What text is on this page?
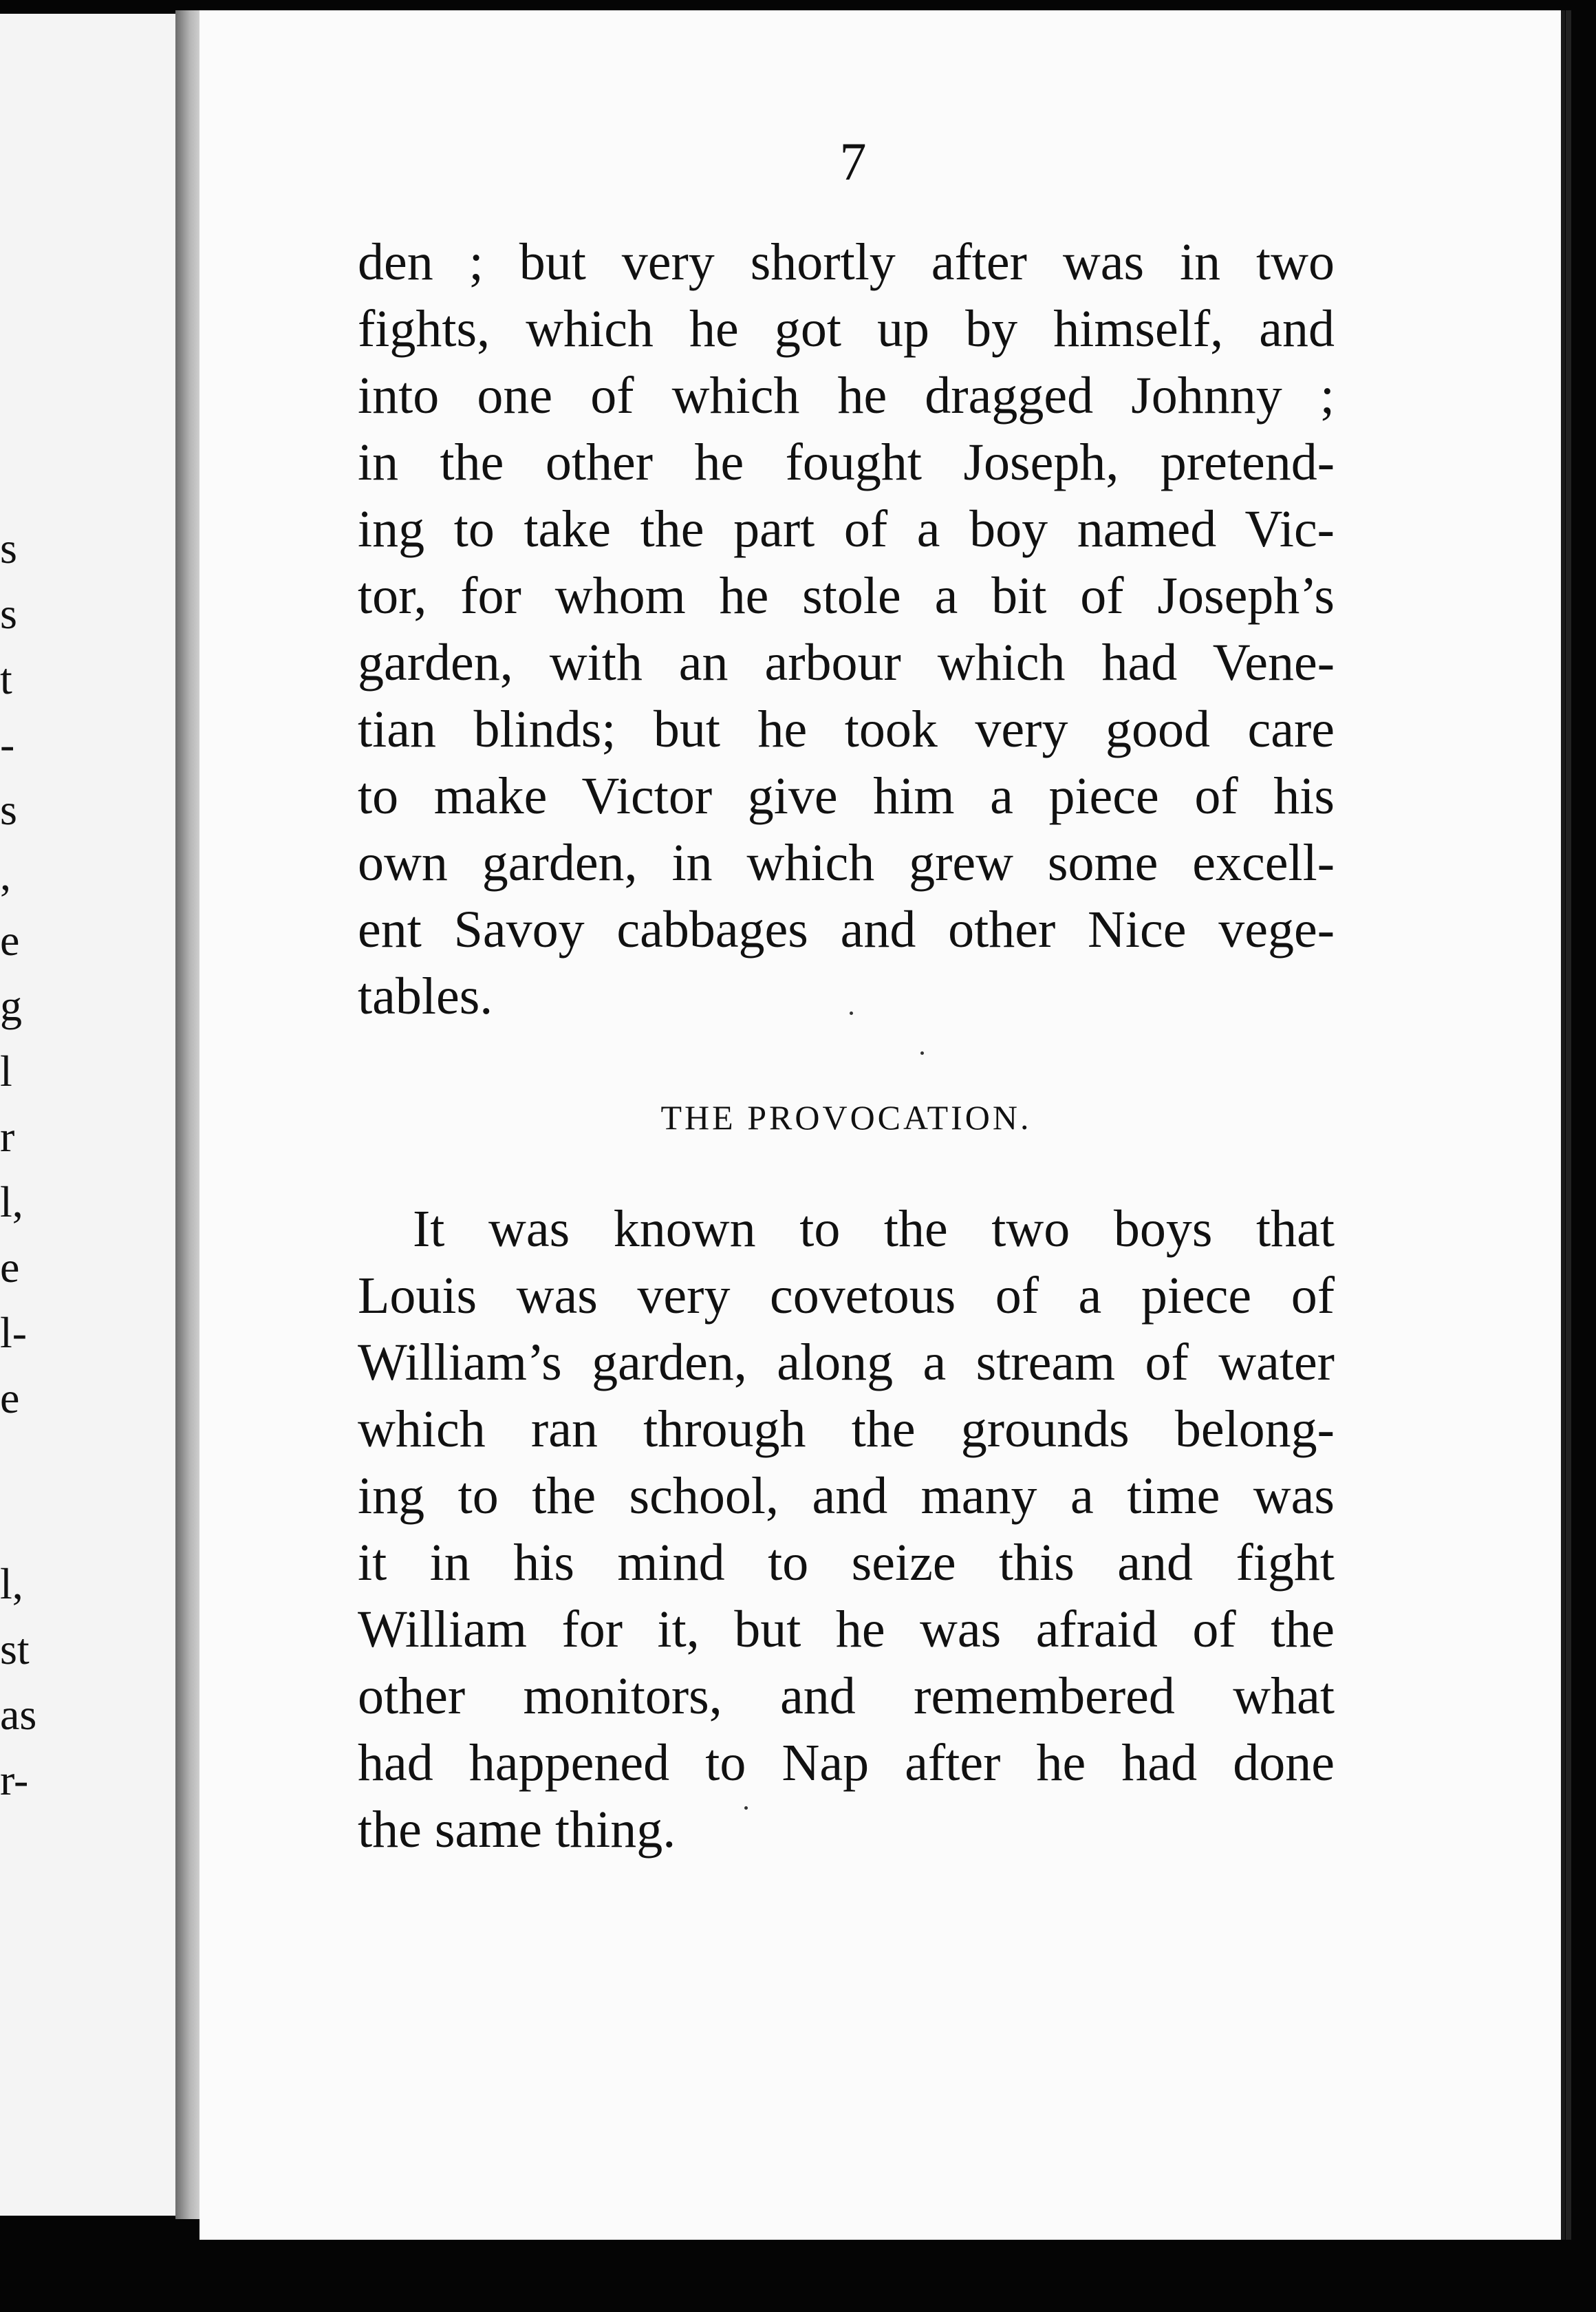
s
s
t
-
s
,
e
g
l
r
l,
e
l-
e
l,
st
as
r-
7
den ; but very shortly after was in two
fights, which he got up by himself, and
into one of which he dragged Johnny ;
in the other he fought Joseph, pretend-
ing to take the part of a boy named Vic-
tor, for whom he stole a bit of Joseph’s
garden, with an arbour which had Vene-
tian blinds; but he took very good care
to make Victor give him a piece of his
own garden, in which grew some excell-
ent Savoy cabbages and other Nice vege-
tables.
THE PROVOCATION.
It was known to the two boys that
Louis was very covetous of a piece of
William’s garden, along a stream of water
which ran through the grounds belong-
ing to the school, and many a time was
it in his mind to seize this and fight
William for it, but he was afraid of the
other monitors, and remembered what
had happened to Nap after he had done
the same thing.
